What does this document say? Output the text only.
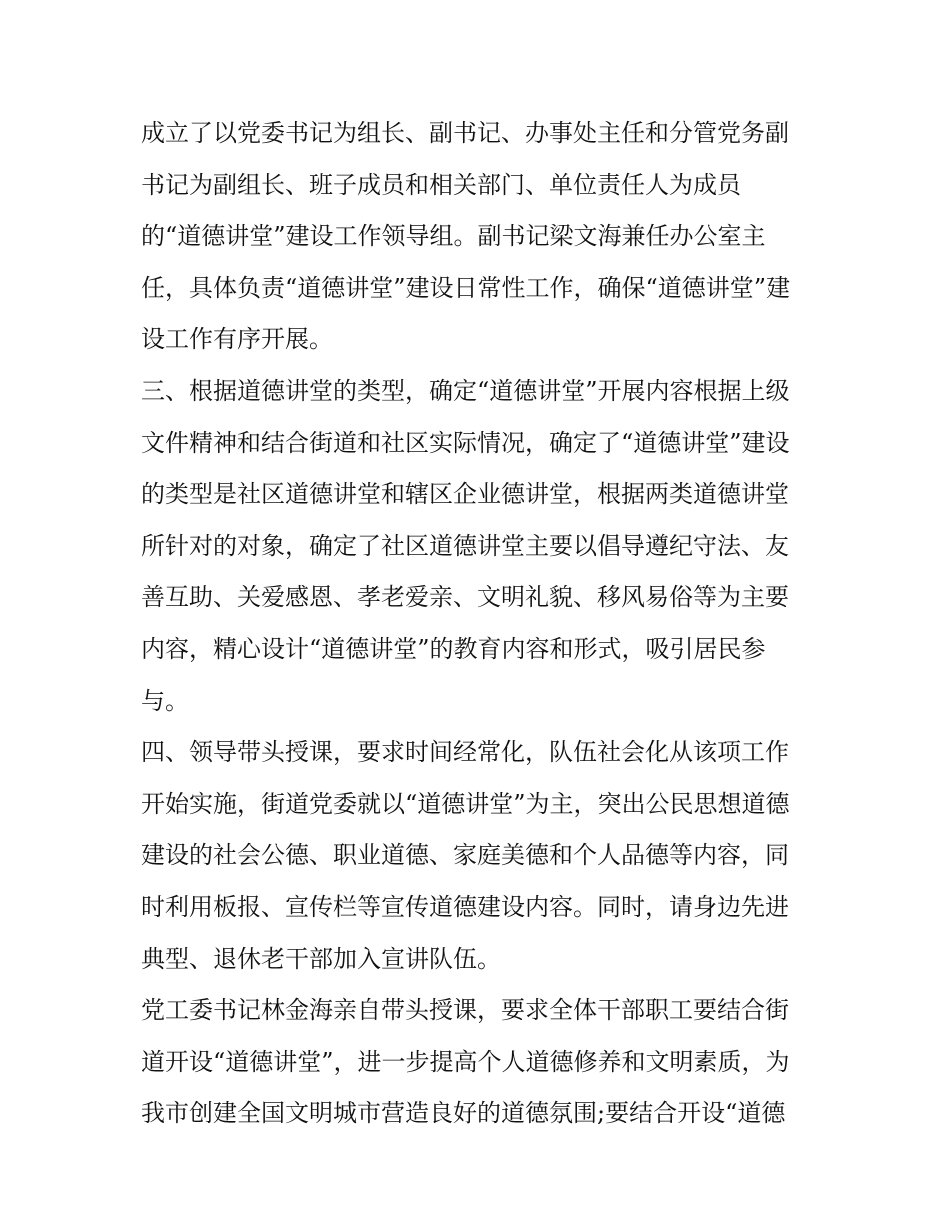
成立了以党委书记为组长、副书记、办事处主任和分管党务副
书记为副组长、班子成员和相关部门、单位责任人为成员
的“道德讲堂”建设工作领导组。副书记梁文海兼任办公室主
任，具体负责“道德讲堂”建设日常性工作，确保“道德讲堂”建
设工作有序开展。
三、根据道德讲堂的类型，确定“道德讲堂”开展内容根据上级
文件精神和结合街道和社区实际情况，确定了“道德讲堂”建设
的类型是社区道德讲堂和辖区企业德讲堂，根据两类道德讲堂
所针对的对象，确定了社区道德讲堂主要以倡导遵纪守法、友
善互助、关爱感恩、孝老爱亲、文明礼貌、移风易俗等为主要
内容，精心设计“道德讲堂”的教育内容和形式，吸引居民参
与。
四、领导带头授课，要求时间经常化，队伍社会化从该项工作
开始实施，街道党委就以“道德讲堂”为主，突出公民思想道德
建设的社会公德、职业道德、家庭美德和个人品德等内容，同
时利用板报、宣传栏等宣传道德建设内容。同时，请身边先进
典型、退休老干部加入宣讲队伍。
党工委书记林金海亲自带头授课，要求全体干部职工要结合街
道开设“道德讲堂”，进一步提高个人道德修养和文明素质，为
我市创建全国文明城市营造良好的道德氛围;要结合开设“道德
